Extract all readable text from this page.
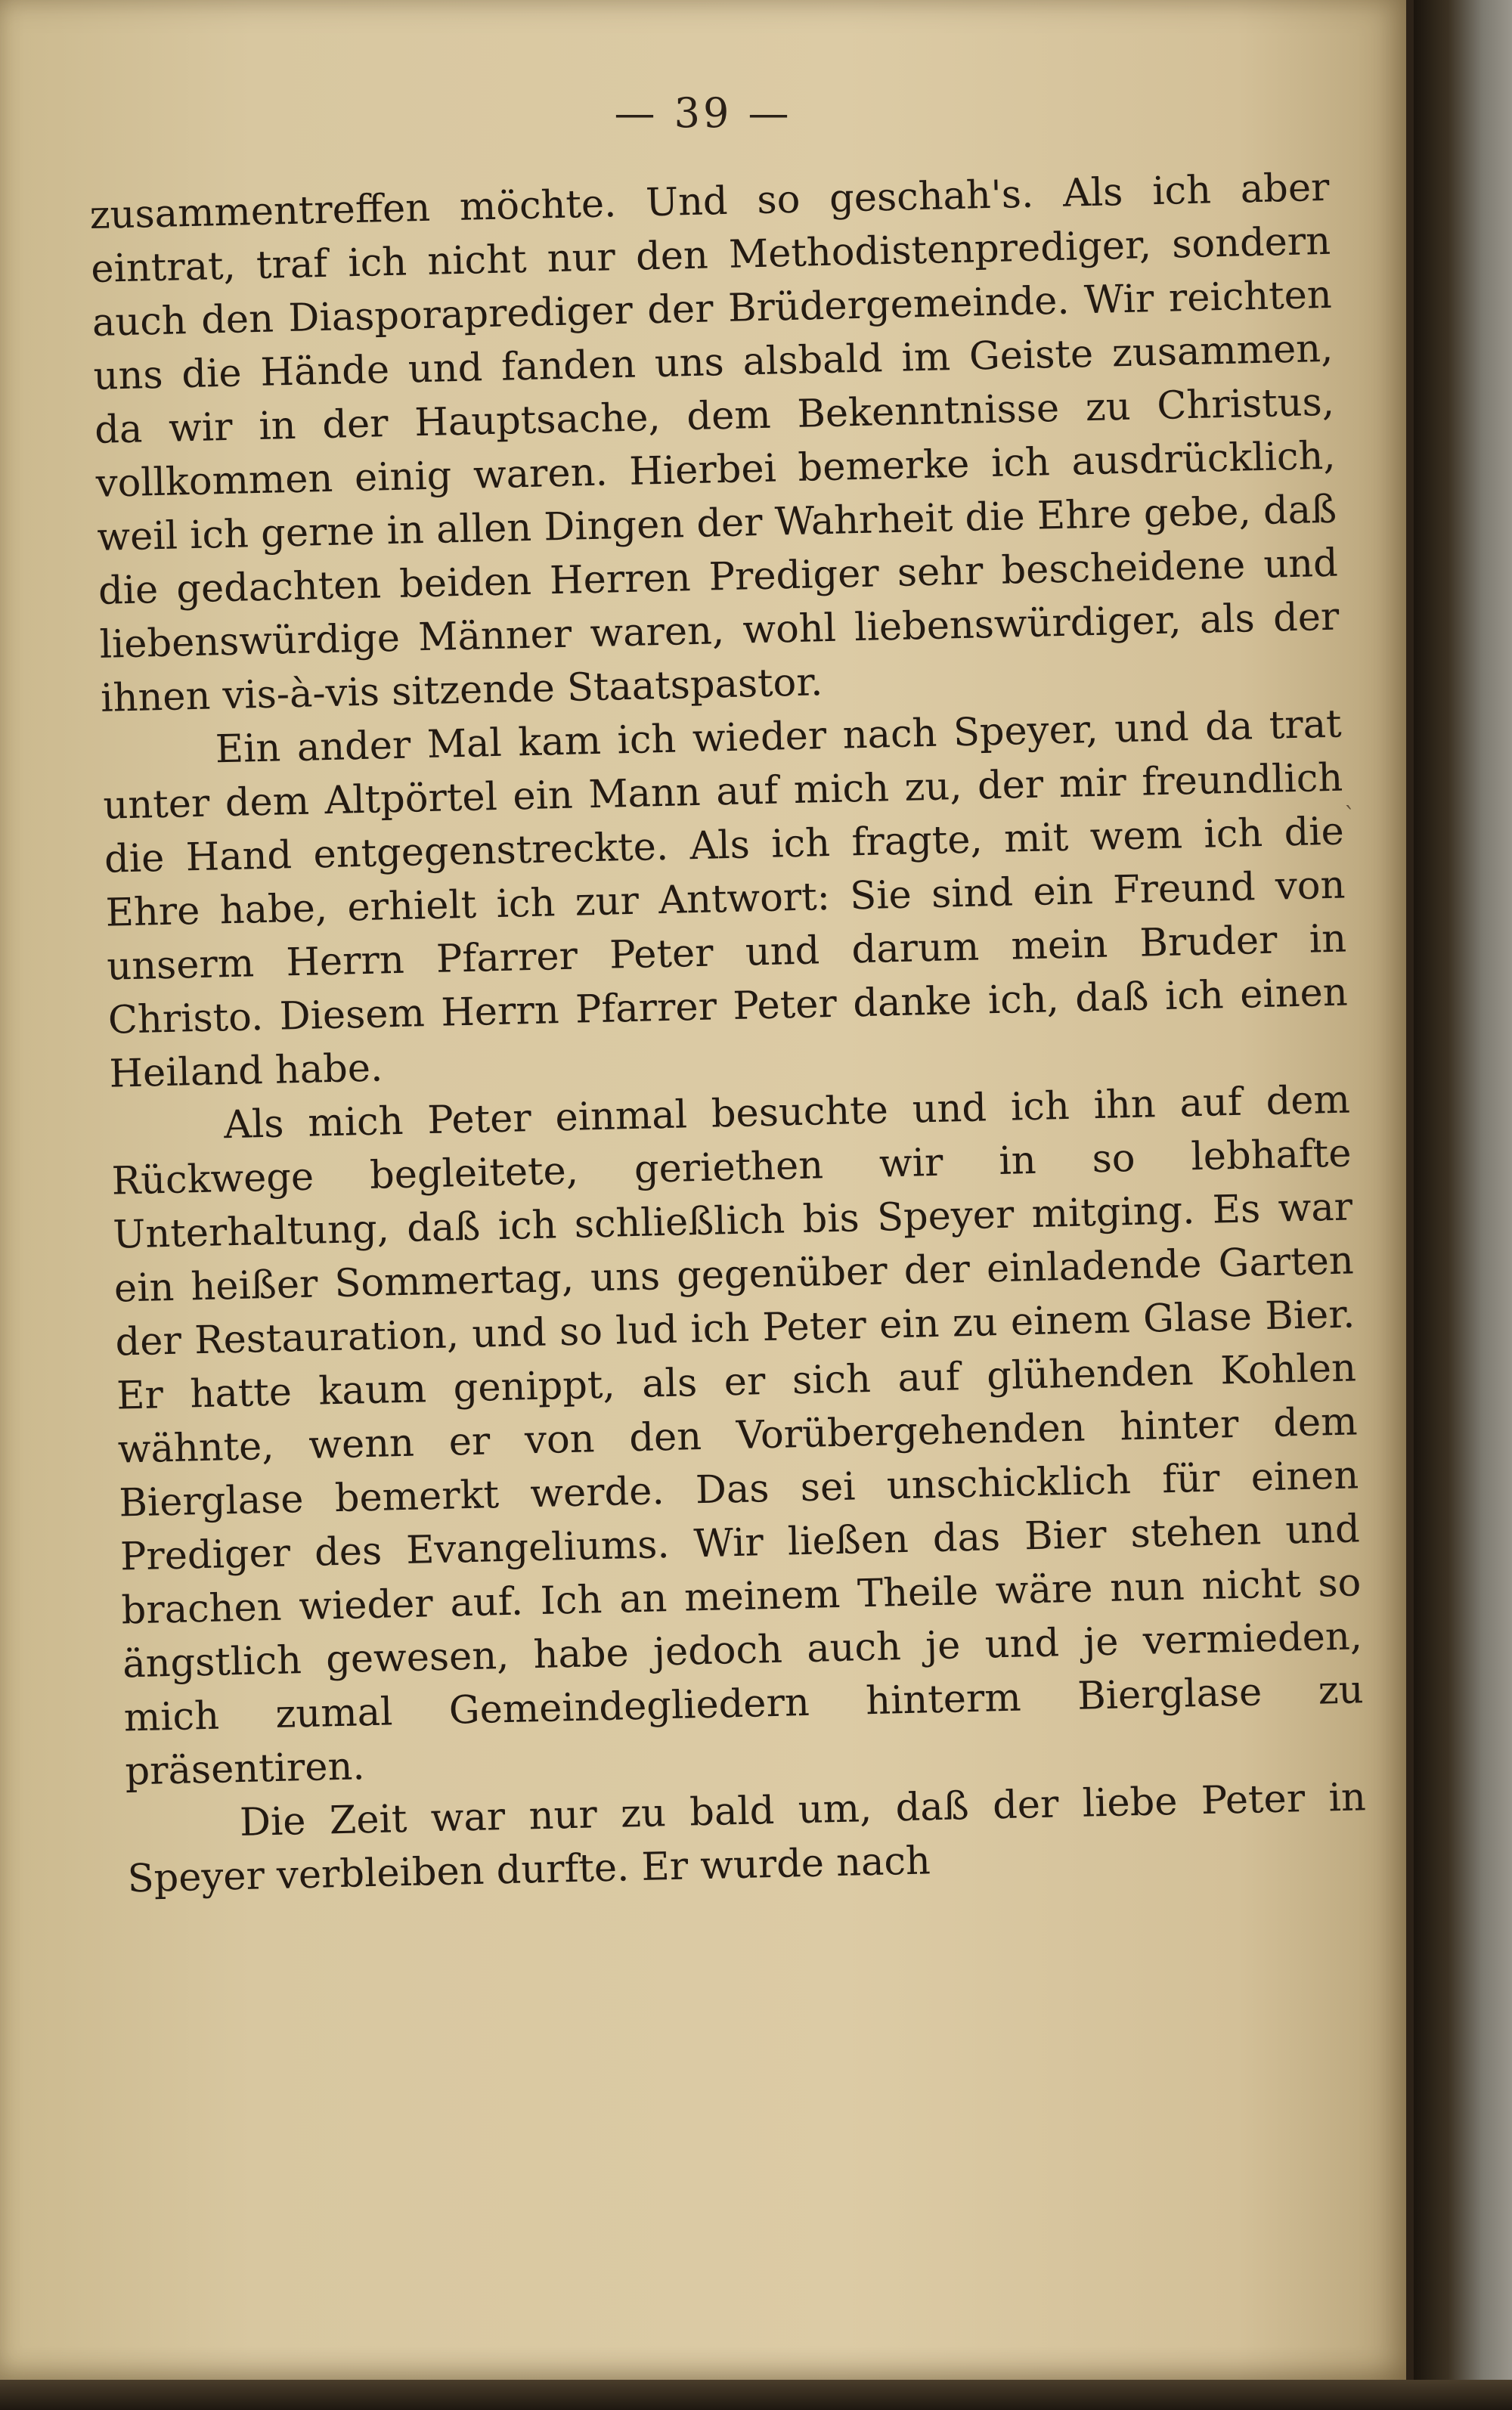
— 39 —

zusammentreffen möchte. Und so geschah's. Als ich aber eintrat, traf ich nicht nur den Methodistenprediger, sondern auch den Diasporaprediger der Brüdergemeinde. Wir reichten uns die Hände und fanden uns alsbald im Geiste zusammen, da wir in der Hauptsache, dem Bekenntnisse zu Christus, vollkommen einig waren. Hierbei bemerke ich ausdrücklich, weil ich gerne in allen Dingen der Wahrheit die Ehre gebe, daß die gedachten beiden Herren Prediger sehr bescheidene und liebenswürdige Männer waren, wohl liebenswürdiger, als der ihnen vis-à-vis sitzende Staatspastor.

Ein ander Mal kam ich wieder nach Speyer, und da trat unter dem Altpörtel ein Mann auf mich zu, der mir freundlich die Hand entgegenstreckte. Als ich fragte, mit wem ich die Ehre habe, erhielt ich zur Antwort: Sie sind ein Freund von unserm Herrn Pfarrer Peter und darum mein Bruder in Christo. Diesem Herrn Pfarrer Peter danke ich, daß ich einen Heiland habe.

Als mich Peter einmal besuchte und ich ihn auf dem Rückwege begleitete, geriethen wir in so lebhafte Unterhaltung, daß ich schließlich bis Speyer mitging. Es war ein heißer Sommertag, uns gegenüber der einladende Garten der Restauration, und so lud ich Peter ein zu einem Glase Bier. Er hatte kaum genippt, als er sich auf glühenden Kohlen wähnte, wenn er von den Vorübergehenden hinter dem Bierglase bemerkt werde. Das sei unschicklich für einen Prediger des Evangeliums. Wir ließen das Bier stehen und brachen wieder auf. Ich an meinem Theile wäre nun nicht so ängstlich gewesen, habe jedoch auch je und je vermieden, mich zumal Gemeindegliedern hinterm Bierglase zu präsentiren.

Die Zeit war nur zu bald um, daß der liebe Peter in Speyer verbleiben durfte. Er wurde nach

ˋ
